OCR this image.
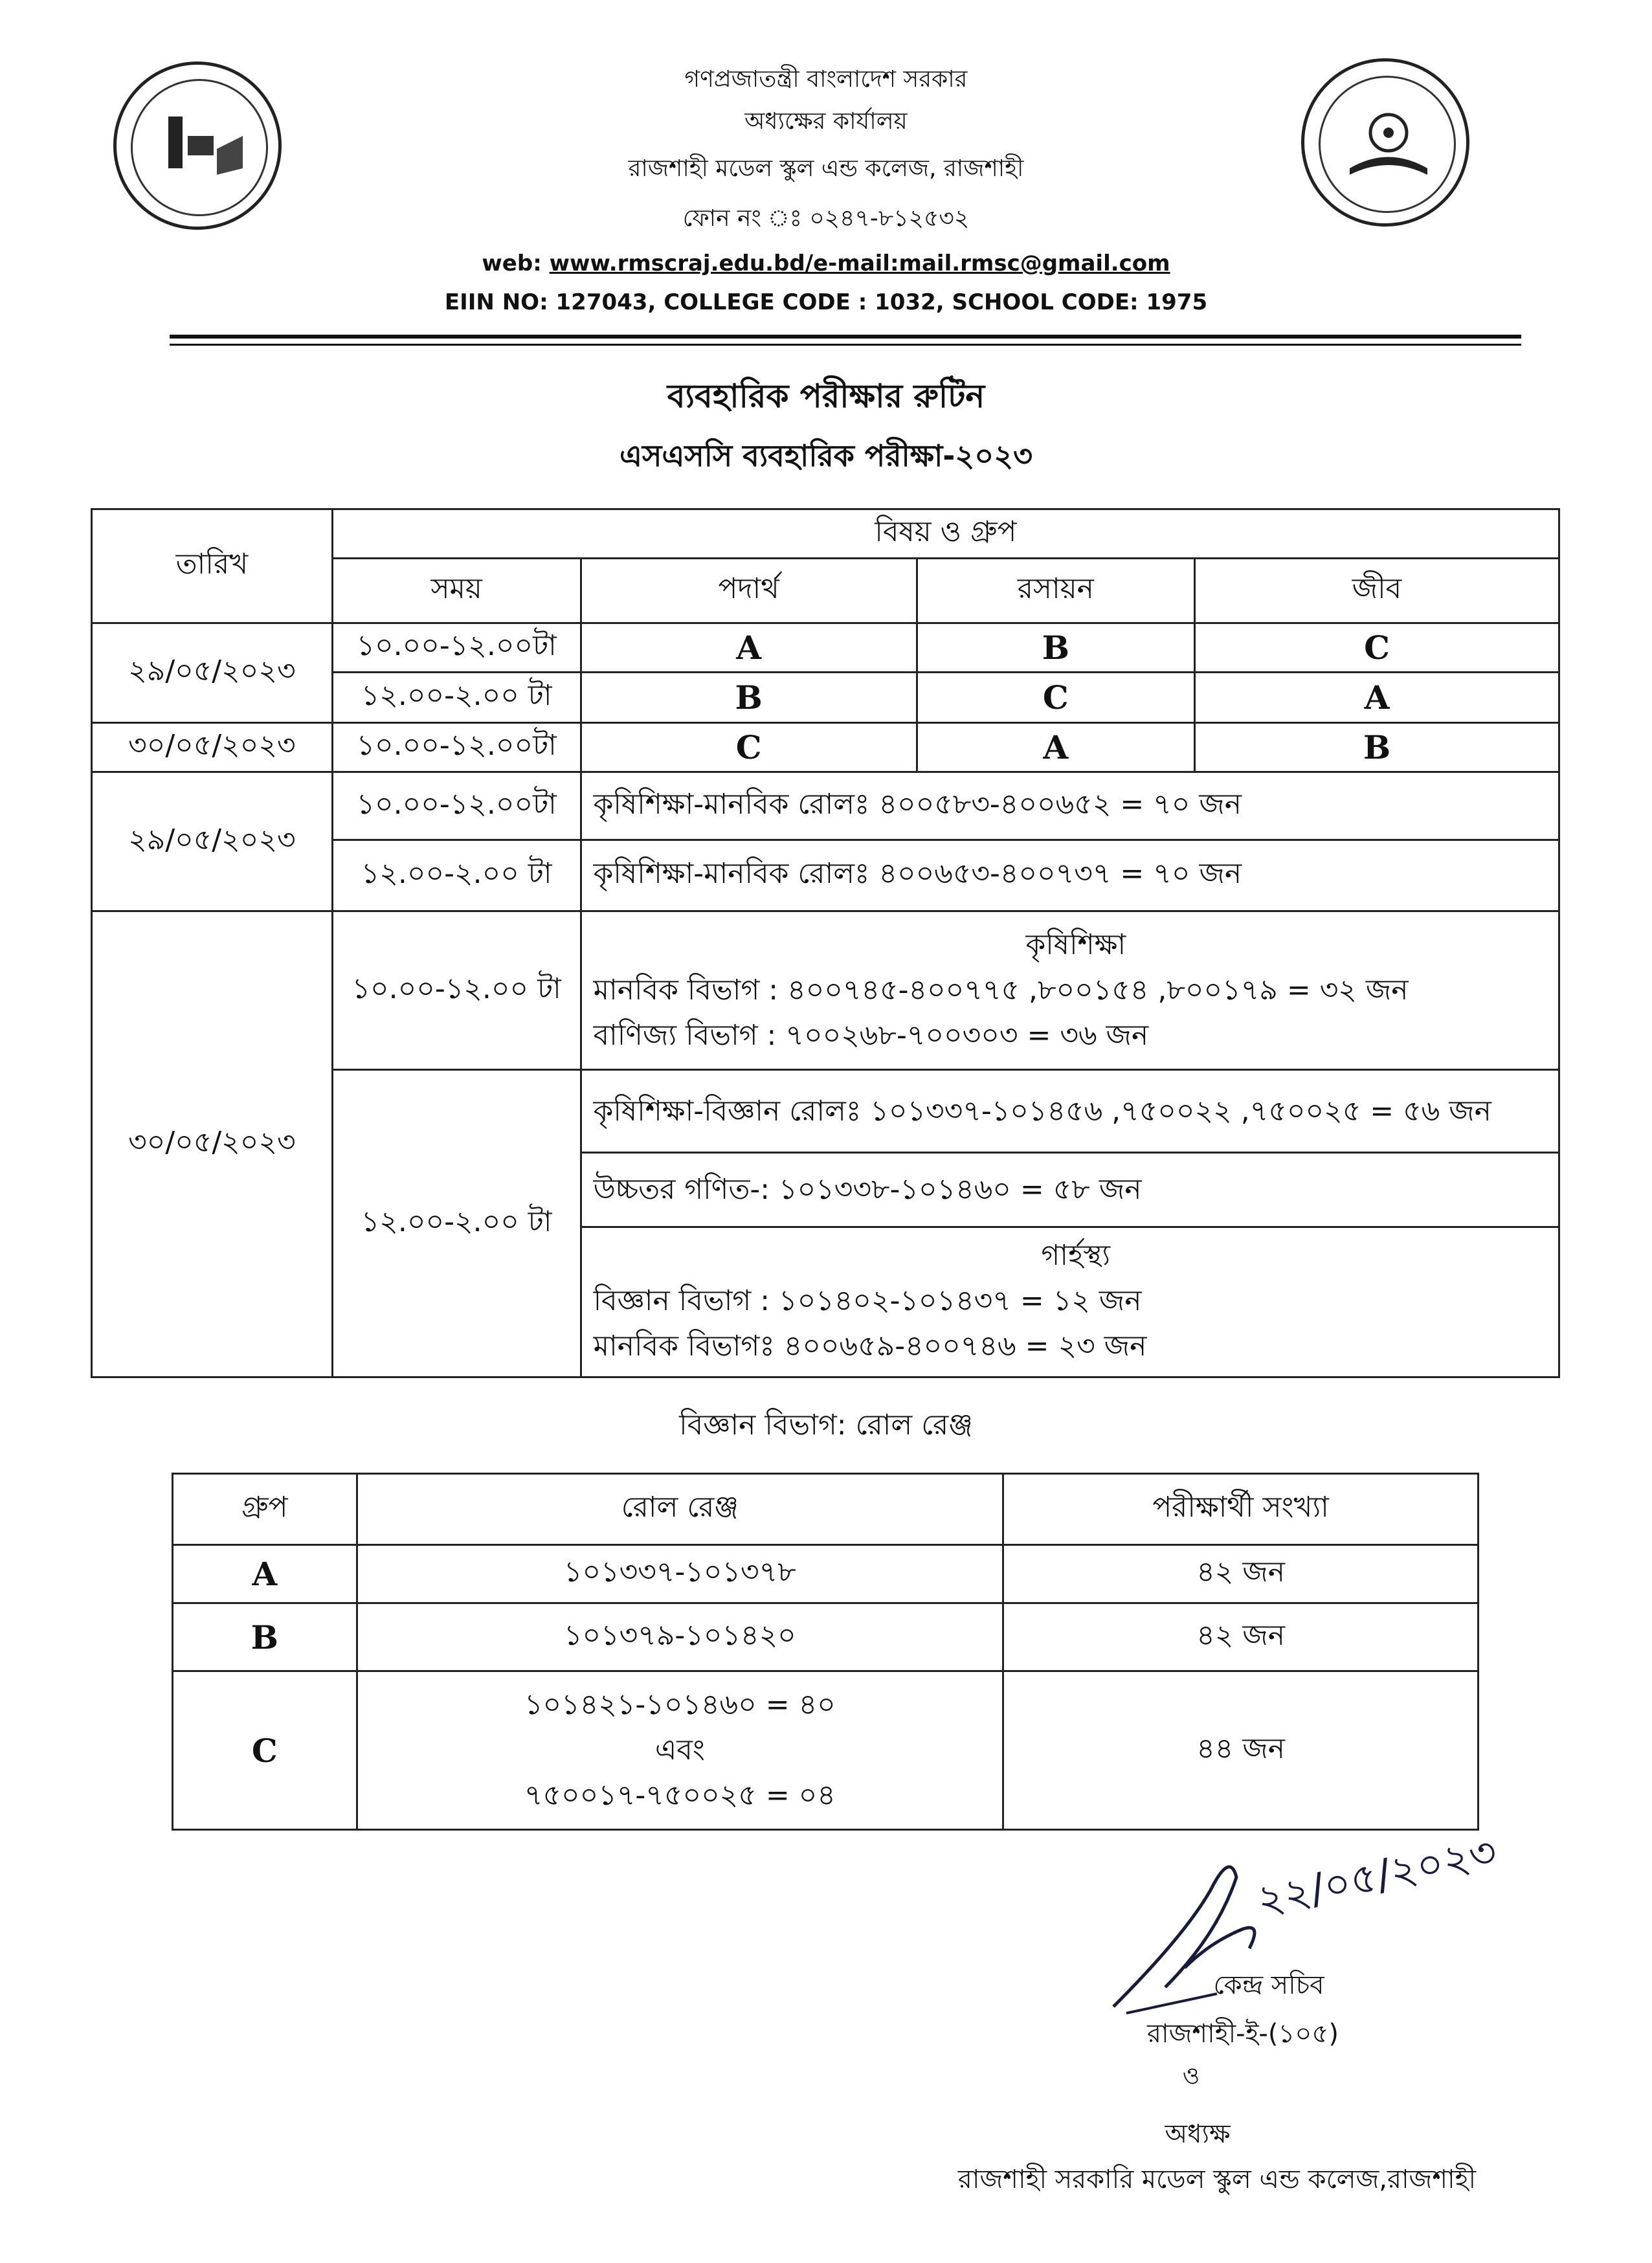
গণপ্রজাতন্ত্রী বাংলাদেশ সরকার
অধ্যক্ষের কার্যালয়
রাজশাহী মডেল স্কুল এন্ড কলেজ, রাজশাহী
ফোন নং ঃ ০২৪৭-৮১২৫৩২
web: www.rmscraj.edu.bd/e-mail:mail.rmsc@gmail.com
EIIN NO: 127043, COLLEGE CODE : 1032, SCHOOL CODE: 1975
ব্যবহারিক পরীক্ষার রুটিন
এসএসসি ব্যবহারিক পরীক্ষা-২০২৩
তারিখ	বিষয় ও গ্রুপ			
	সময়	পদার্থ	রসায়ন	জীব
২৯/০৫/২০২৩	১০.০০-১২.০০টা	A	B	C
	১২.০০-২.০০ টা	B	C	A
৩০/০৫/২০২৩	১০.০০-১২.০০টা	C	A	B
২৯/০৫/২০২৩	১০.০০-১২.০০টা	কৃষিশিক্ষা-মানবিক রোলঃ ৪০০৫৮৩-৪০০৬৫২ = ৭০ জন		
	১২.০০-২.০০ টা	কৃষিশিক্ষা-মানবিক রোলঃ ৪০০৬৫৩-৪০০৭৩৭ = ৭০ জন		
৩০/০৫/২০২৩	১০.০০-১২.০০ টা	কৃষিশিক্ষা
মানবিক বিভাগ : ৪০০৭৪৫-৪০০৭৭৫ ,৮০০১৫৪ ,৮০০১৭৯ = ৩২ জন
বাণিজ্য বিভাগ : ৭০০২৬৮-৭০০৩০৩ = ৩৬ জন		

	১২.০০-২.০০ টা	কৃষিশিক্ষা-বিজ্ঞান রোলঃ ১০১৩৩৭-১০১৪৫৬ ,৭৫০০২২ ,৭৫০০২৫ = ৫৬ জন
উচ্চতর গণিত-: ১০১৩৩৮-১০১৪৬০ = ৫৮ জন
গার্হস্থ্য
বিজ্ঞান বিভাগ : ১০১৪০২-১০১৪৩৭ = ১২ জন
মানবিক বিভাগঃ ৪০০৬৫৯-৪০০৭৪৬ = ২৩ জন		
বিজ্ঞান বিভাগ: রোল রেঞ্জ
গ্রুপ	রোল রেঞ্জ	পরীক্ষার্থী সংখ্যা
A	১০১৩৩৭-১০১৩৭৮	৪২ জন
B	১০১৩৭৯-১০১৪২০	৪২ জন
C	১০১৪২১-১০১৪৬০ = ৪০
এবং
৭৫০০১৭-৭৫০০২৫ = ০৪	৪৪ জন
২২/০৫/২০২৩
কেন্দ্র সচিব
রাজশাহী-ই-(১০৫)
ও
অধ্যক্ষ
রাজশাহী সরকারি মডেল স্কুল এন্ড কলেজ,রাজশাহী
